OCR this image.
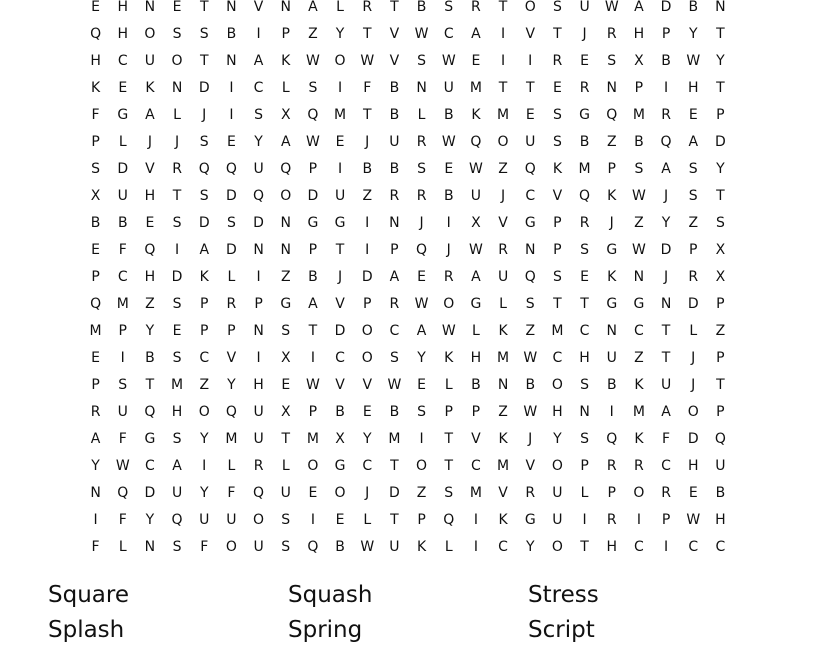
E	H	N	E	T	N	V	N	A	L	R	T	B	S	R	T	O	S	U	W	A	D	B	N
Q	H	O	S	S	B	I	P	Z	Y	T	V	W	C	A	I	V	T	J	R	H	P	Y	T
H	C	U	O	T	N	A	K	W	O	W	V	S	W	E	I	I	R	E	S	X	B	W	Y
K	E	K	N	D	I	C	L	S	I	F	B	N	U	M	T	T	E	R	N	P	I	H	T
F	G	A	L	J	I	S	X	Q	M	T	B	L	B	K	M	E	S	G	Q	M	R	E	P
P	L	J	J	S	E	Y	A	W	E	J	U	R	W	Q	O	U	S	B	Z	B	Q	A	D
S	D	V	R	Q	Q	U	Q	P	I	B	B	S	E	W	Z	Q	K	M	P	S	A	S	Y
X	U	H	T	S	D	Q	O	D	U	Z	R	R	B	U	J	C	V	Q	K	W	J	S	T
B	B	E	S	D	S	D	N	G	G	I	N	J	I	X	V	G	P	R	J	Z	Y	Z	S
E	F	Q	I	A	D	N	N	P	T	I	P	Q	J	W	R	N	P	S	G	W	D	P	X
P	C	H	D	K	L	I	Z	B	J	D	A	E	R	A	U	Q	S	E	K	N	J	R	X
Q	M	Z	S	P	R	P	G	A	V	P	R	W	O	G	L	S	T	T	G	G	N	D	P
M	P	Y	E	P	P	N	S	T	D	O	C	A	W	L	K	Z	M	C	N	C	T	L	Z
E	I	B	S	C	V	I	X	I	C	O	S	Y	K	H	M	W	C	H	U	Z	T	J	P
P	S	T	M	Z	Y	H	E	W	V	V	W	E	L	B	N	B	O	S	B	K	U	J	T
R	U	Q	H	O	Q	U	X	P	B	E	B	S	P	P	Z	W	H	N	I	M	A	O	P
A	F	G	S	Y	M	U	T	M	X	Y	M	I	T	V	K	J	Y	S	Q	K	F	D	Q
Y	W	C	A	I	L	R	L	O	G	C	T	O	T	C	M	V	O	P	R	R	C	H	U
N	Q	D	U	Y	F	Q	U	E	O	J	D	Z	S	M	V	R	U	L	P	O	R	E	B
I	F	Y	Q	U	U	O	S	I	E	L	T	P	Q	I	K	G	U	I	R	I	P	W	H
F	L	N	S	F	O	U	S	Q	B	W	U	K	L	I	C	Y	O	T	H	C	I	C	C
Square	Squash	Stress
Splash	Spring	Script
